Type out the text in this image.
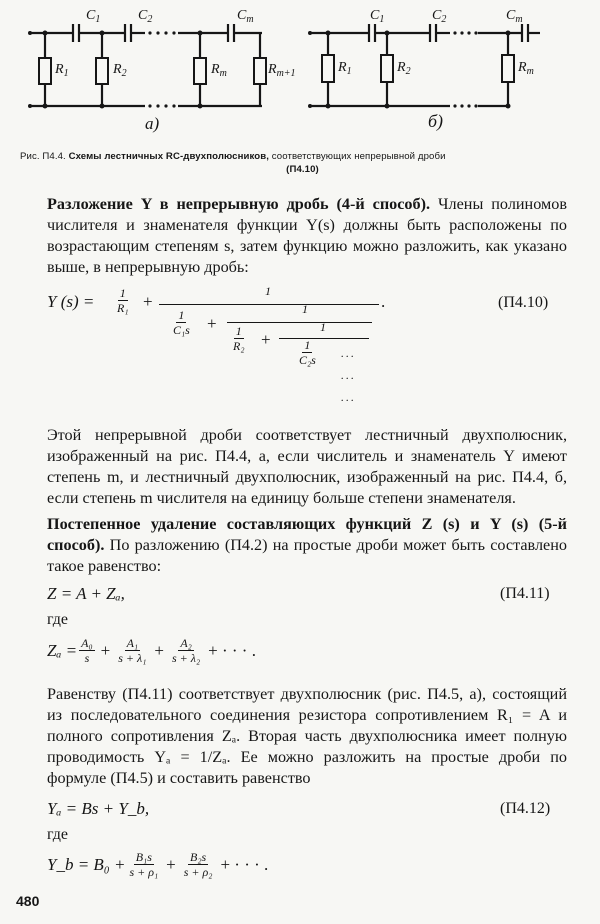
$C_1$	$C_2$	$C_m$
$R_1$	$R_2$	$R_m$	$R_{m+1}$
а)
$C_1$	$C_2$	$C_m$
$R_1$	$R_2$	$R_m$
б)
Рис. П4.4. Схемы лестничных RC-двухполюсников, соответствующих непрерывной дроби
(П4.10)
Разложение Y в непрерывную дробь (4-й способ). Члены полиномов числителя и знаменателя функции Y(s) должны быть расположены по возрастающим степеням s, затем функцию можно разложить, как указано выше, в непрерывную дробь:
Y $(s) = \frac{1}{\text{R₁}}$ +
1
$\frac{1}{\text{C₁s}}$ +
1
$\frac{1}{\text{R₂}}$ +
1
$\frac{1}{\text{C₂s}}$ ...
...
...
.	(П4.10)
Этой непрерывной дроби соответствует лестничный двухполюсник, изображенный на рис. П4.4, а, если числитель и знаменатель Y имеют степень m, и лестничный двухполюсник, изображенный на рис. П4.4, б, если степень m числителя на единицу больше степени знаменателя.
Постепенное удаление составляющих функций Z (s) и Y (s) (5-й способ). По разложению (П4.2) на простые дроби может быть составлено такое равенство:
Z = A + Zₐ,	(П4.11)
где
$Z_a = \frac{\text{A₀}}{s} + \frac{\text{A₁}}{\text{s + λ₁}} + \frac{\text{A₂}}{\text{s + λ₂}}$ + · · · .
Равенству (П4.11) соответствует двухполюсник (рис. П4.5, а), состоящий из последовательного соединения резистора сопротивлением R₁ = A и полного сопротивления Zₐ. Вторая часть двухполюсника имеет полную проводимость Yₐ = 1/Zₐ. Ее можно разложить на простые дроби по формуле (П4.5) и составить равенство
Yₐ = Bs + Y_b,	(П4.12)
где
Y_b = $B_0 + \frac{\text{B₁s}}{\text{s + ρ₁}} + \frac{\text{B₂s}}{\text{s + ρ₂}}$ + · · · .
480
